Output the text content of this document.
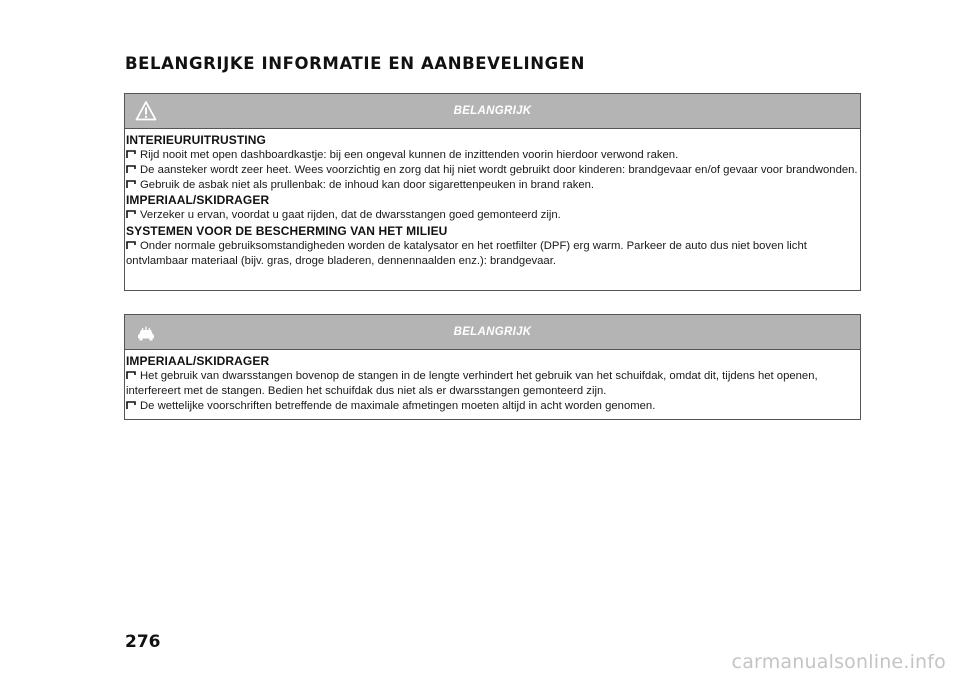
BELANGRIJKE INFORMATIE EN AANBEVELINGEN
BELANGRIJK
INTERIEURUITRUSTING
Rijd nooit met open dashboardkastje: bij een ongeval kunnen de inzittenden voorin hierdoor verwond raken.
De aansteker wordt zeer heet. Wees voorzichtig en zorg dat hij niet wordt gebruikt door kinderen: brandgevaar en/of gevaar voor brandwonden.
Gebruik de asbak niet als prullenbak: de inhoud kan door sigarettenpeuken in brand raken.
IMPERIAAL/SKIDRAGER
Verzeker u ervan, voordat u gaat rijden, dat de dwarsstangen goed gemonteerd zijn.
SYSTEMEN VOOR DE BESCHERMING VAN HET MILIEU
Onder normale gebruiksomstandigheden worden de katalysator en het roetfilter (DPF) erg warm. Parkeer de auto dus niet boven licht ontvlambaar materiaal (bijv. gras, droge bladeren, dennennaalden enz.): brandgevaar.
BELANGRIJK
IMPERIAAL/SKIDRAGER
Het gebruik van dwarsstangen bovenop de stangen in de lengte verhindert het gebruik van het schuifdak, omdat dit, tijdens het openen, interfereert met de stangen. Bedien het schuifdak dus niet als er dwarsstangen gemonteerd zijn.
De wettelijke voorschriften betreffende de maximale afmetingen moeten altijd in acht worden genomen.
276
carmanualsonline.info
